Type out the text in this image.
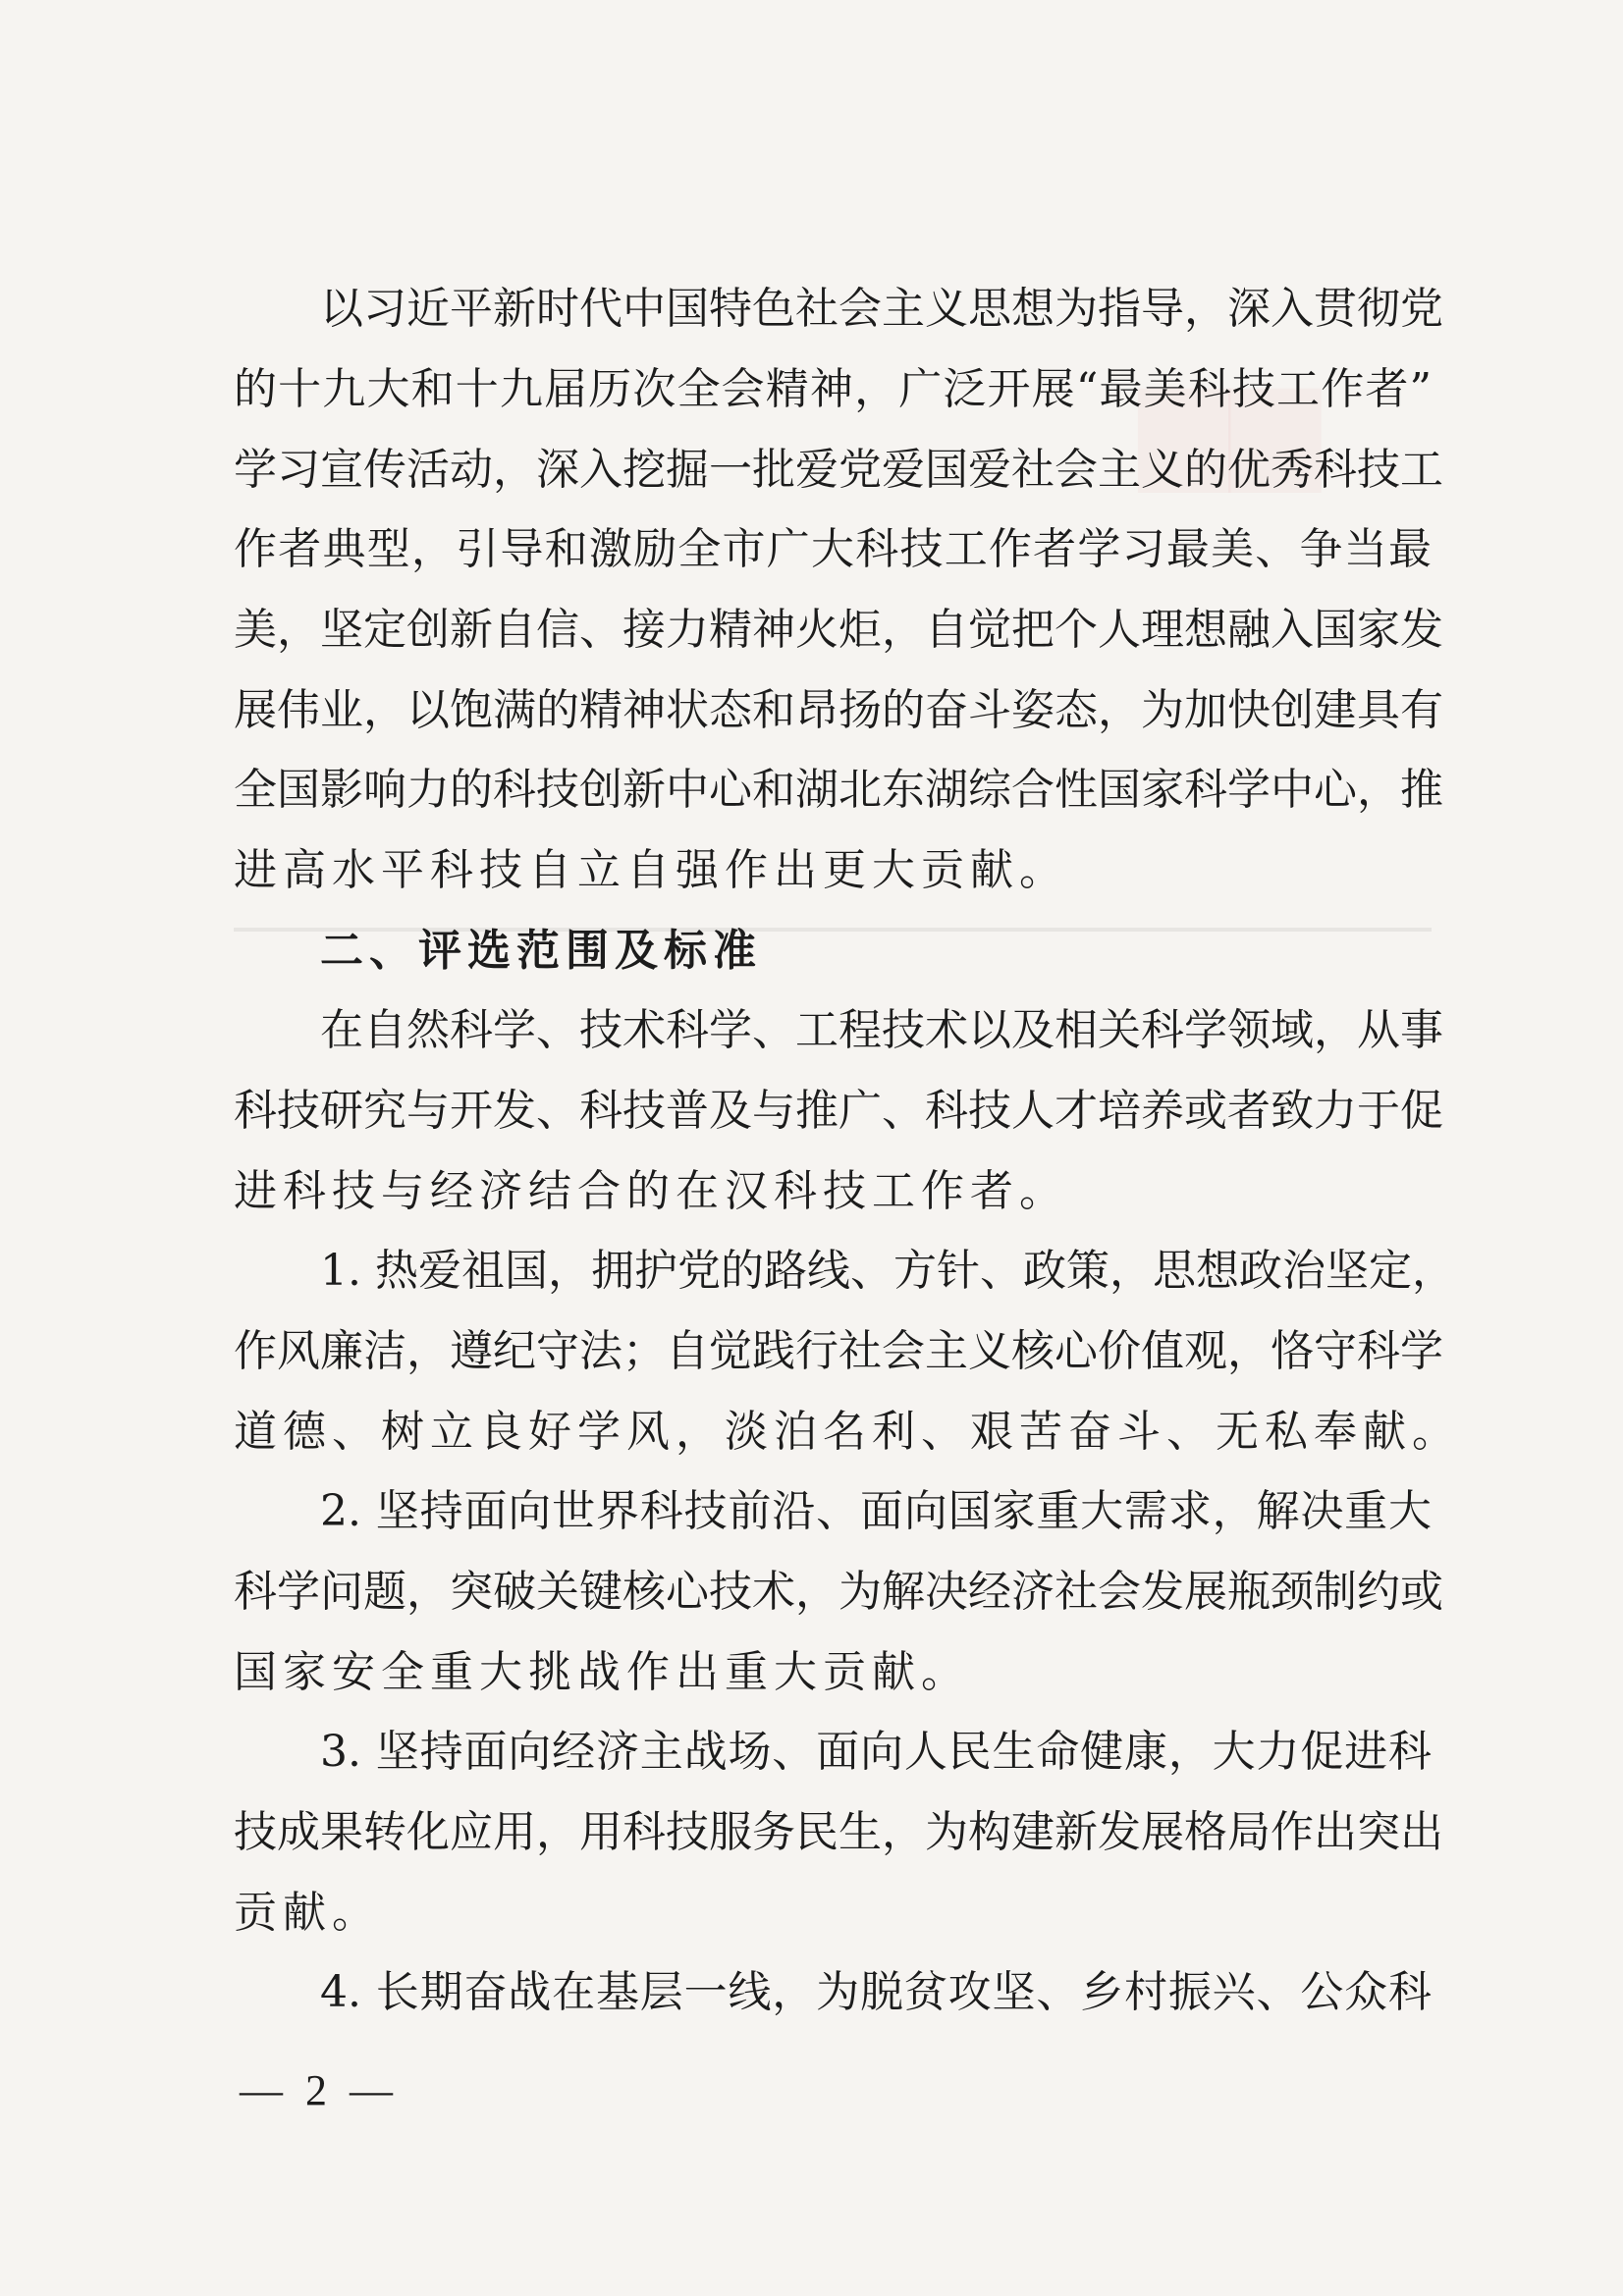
以习近平新时代中国特色社会主义思想为指导，深入贯彻党
的十九大和十九届历次全会精神，广泛开展“最美科技工作者”
学习宣传活动，深入挖掘一批爱党爱国爱社会主义的优秀科技工
作者典型，引导和激励全市广大科技工作者学习最美、争当最
美，坚定创新自信、接力精神火炬，自觉把个人理想融入国家发
展伟业，以饱满的精神状态和昂扬的奋斗姿态，为加快创建具有
全国影响力的科技创新中心和湖北东湖综合性国家科学中心，推
进高水平科技自立自强作出更大贡献。
二、评选范围及标准
在自然科学、技术科学、工程技术以及相关科学领域，从事
科技研究与开发、科技普及与推广、科技人才培养或者致力于促
进科技与经济结合的在汉科技工作者。
1. 热爱祖国，拥护党的路线、方针、政策，思想政治坚定，
作风廉洁，遵纪守法；自觉践行社会主义核心价值观，恪守科学
道德、树立良好学风，淡泊名利、艰苦奋斗、无私奉献。
2. 坚持面向世界科技前沿、面向国家重大需求，解决重大
科学问题，突破关键核心技术，为解决经济社会发展瓶颈制约或
国家安全重大挑战作出重大贡献。
3. 坚持面向经济主战场、面向人民生命健康，大力促进科
技成果转化应用，用科技服务民生，为构建新发展格局作出突出
贡献。
4. 长期奋战在基层一线，为脱贫攻坚、乡村振兴、公众科
— 2 —
